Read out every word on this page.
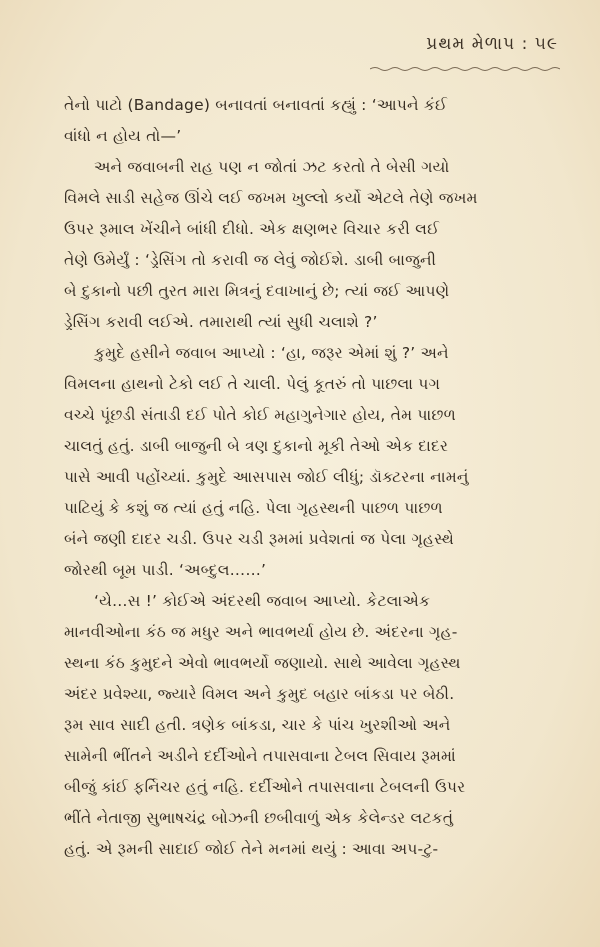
પ્રથમ મેળાપ : ૫૯
તેનો પાટો (Bandage) બનાવતાં બનાવતાં કહ્યું : ‘આપને કંઈ
વાંધો ન હોય તો—’
અને જવાબની રાહ પણ ન જોતાં ઝટ કરતો તે બેસી ગયો
વિમલે સાડી સહેજ ઊંચે લઈ જખમ ખુલ્લો કર્યો એટલે તેણે જખમ
ઉપર રૂમાલ ખેંચીને બાંધી દીધો. એક ક્ષણભર વિચાર કરી લઈ
તેણે ઉમેર્યું : ‘ડ્રેસિંગ તો કરાવી જ લેવું જોઈશે. ડાબી બાજુની
બે દુકાનો પછી તુરત મારા મિત્રનું દવાખાનું છે; ત્યાં જઈ આપણે
ડ્રેસિંગ કરાવી લઈએ. તમારાથી ત્યાં સુધી ચલાશે ?’
કુમુદે હસીને જવાબ આપ્યો : ‘હા, જરૂર એમાં શું ?’ અને
વિમલના હાથનો ટેકો લઈ તે ચાલી. પેલું કૂતરું તો પાછલા પગ
વચ્ચે પૂંછડી સંતાડી દઈ પોતે કોઈ મહાગુનેગાર હોય, તેમ પાછળ
ચાલતું હતું. ડાબી બાજુની બે ત્રણ દુકાનો મૂકી તેઓ એક દાદર
પાસે આવી પહોંચ્યાં. કુમુદે આસપાસ જોઈ લીધું; ડૉક્ટરના નામનું
પાટિયું કે કશું જ ત્યાં હતું નહિ. પેલા ગૃહસ્થની પાછળ પાછળ
બંને જણી દાદર ચડી. ઉપર ચડી રૂમમાં પ્રવેશતાં જ પેલા ગૃહસ્થે
જોરથી બૂમ પાડી. ‘અબ્દુલ……’
‘યે…સ !’ કોઈએ અંદરથી જવાબ આપ્યો. કેટલાએક
માનવીઓના કંઠ જ મધુર અને ભાવભર્યા હોય છે. અંદરના ગૃહ-
સ્થના કંઠ કુમુદને એવો ભાવભર્યો જણાયો. સાથે આવેલા ગૃહસ્થ
અંદર પ્રવેશ્યા, જ્યારે વિમલ અને કુમુદ બહાર બાંકડા પર બેઠી.
રૂમ સાવ સાદી હતી. ત્રણેક બાંકડા, ચાર કે પાંચ ખુરશીઓ અને
સામેની ભીંતને અડીને દર્દીઓને તપાસવાના ટેબલ સિવાય રૂમમાં
બીજું કાંઈ ફર્નિચર હતું નહિ. દર્દીઓને તપાસવાના ટેબલની ઉપર
ભીંતે નેતાજી સુભાષચંદ્ર બોઝની છબીવાળું એક કેલેન્ડર લટકતું
હતું. એ રૂમની સાદાઈ જોઈ તેને મનમાં થયું : આવા અપ-ટુ-
